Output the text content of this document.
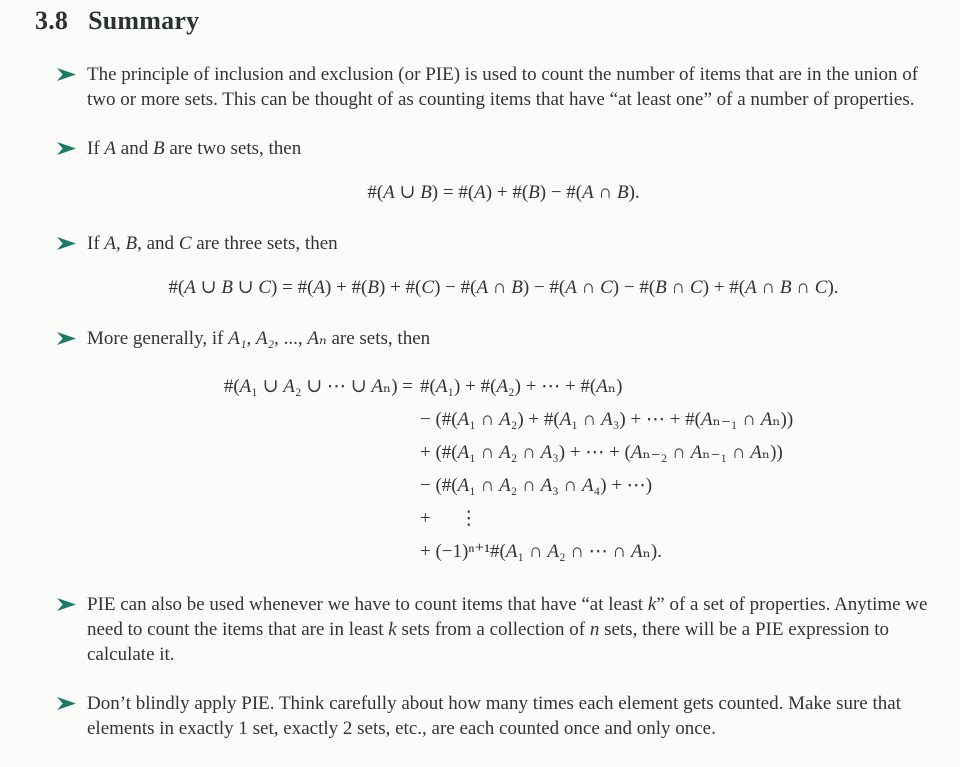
3.8 Summary

The principle of inclusion and exclusion (or PIE) is used to count the number of items that are in the union of two or more sets. This can be thought of as counting items that have “at least one” of a number of properties.

If A and B are two sets, then

#(A ∪ B) = #(A) + #(B) − #(A ∩ B).

If A, B, and C are three sets, then

#(A ∪ B ∪ C) = #(A) + #(B) + #(C) − #(A ∩ B) − #(A ∩ C) − #(B ∩ C) + #(A ∩ B ∩ C).

More generally, if A₁, A₂, ..., Aₙ are sets, then

#(A₁ ∪ A₂ ∪ ⋯ ∪ Aₙ) = #(A₁) + #(A₂) + ⋯ + #(Aₙ)
− (#(A₁ ∩ A₂) + #(A₁ ∩ A₃) + ⋯ + #(Aₙ₋₁ ∩ Aₙ))
+ (#(A₁ ∩ A₂ ∩ A₃) + ⋯ + (Aₙ₋₂ ∩ Aₙ₋₁ ∩ Aₙ))
− (#(A₁ ∩ A₂ ∩ A₃ ∩ A₄) + ⋯)
+  ⋮
+ (−1)ⁿ⁺¹#(A₁ ∩ A₂ ∩ ⋯ ∩ Aₙ).

PIE can also be used whenever we have to count items that have “at least k” of a set of properties. Anytime we need to count the items that are in least k sets from a collection of n sets, there will be a PIE expression to calculate it.

Don’t blindly apply PIE. Think carefully about how many times each element gets counted. Make sure that elements in exactly 1 set, exactly 2 sets, etc., are each counted once and only once.
